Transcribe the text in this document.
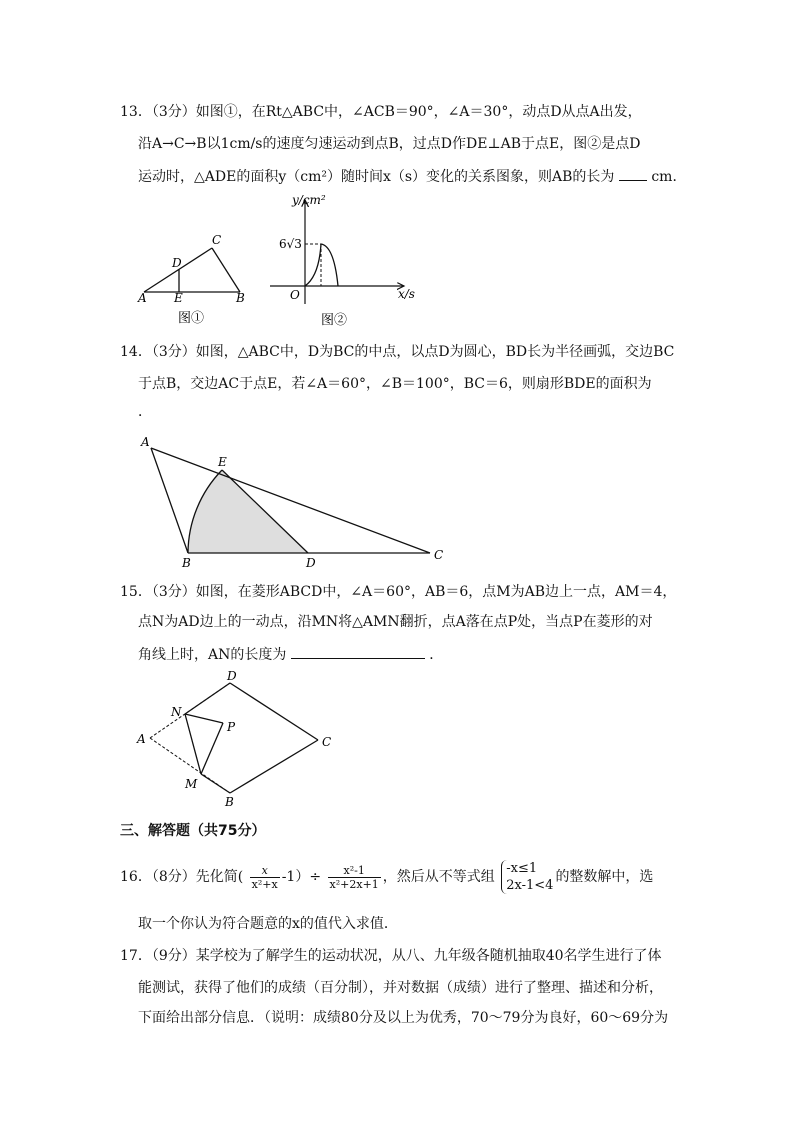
13．（3分）如图①，在Rt△ABC中，∠ACB＝90°，∠A＝30°，动点D从点A出发，
沿A→C→B以1cm/s的速度匀速运动到点B，过点D作DE⊥AB于点E，图②是点D
运动时，△ADE的面积y（cm²）随时间x（s）变化的关系图象，则AB的长为	cm．
A E	B
D
C
图①
y/cm²
6√3
O	x/s
图②
14．（3分）如图，△ABC中，D为BC的中点，以点D为圆心，BD长为半径画弧，交边BC
于点B，交边AC于点E，若∠A＝60°，∠B＝100°，BC＝6，则扇形BDE的面积为
．
A
E
B	D
C
15．（3分）如图，在菱形ABCD中，∠A＝60°，AB＝6，点M为AB边上一点，AM＝4，
点N为AD边上的一动点，沿MN将△AMN翻折，点A落在点P处，当点P在菱形的对
角线上时，AN的长度为	．
A
N
D
P
C
M
B
三、解答题（共75分）
16．（8分）先化简( $\frac{x}{\text{x²+x}} -1)\div \frac{\text{x²-1}}{\text{x²+2x+1}}$ ，然后从不等式组
-x≤1
2x-1<4
的整数解中，选
取一个你认为符合题意的x的值代入求值．
17．（9分）某学校为了解学生的运动状况，从八、九年级各随机抽取40名学生进行了体
能测试，获得了他们的成绩（百分制），并对数据（成绩）进行了整理、描述和分析，
下面给出部分信息．（说明：成绩80分及以上为优秀，70～79分为良好，60～69分为
